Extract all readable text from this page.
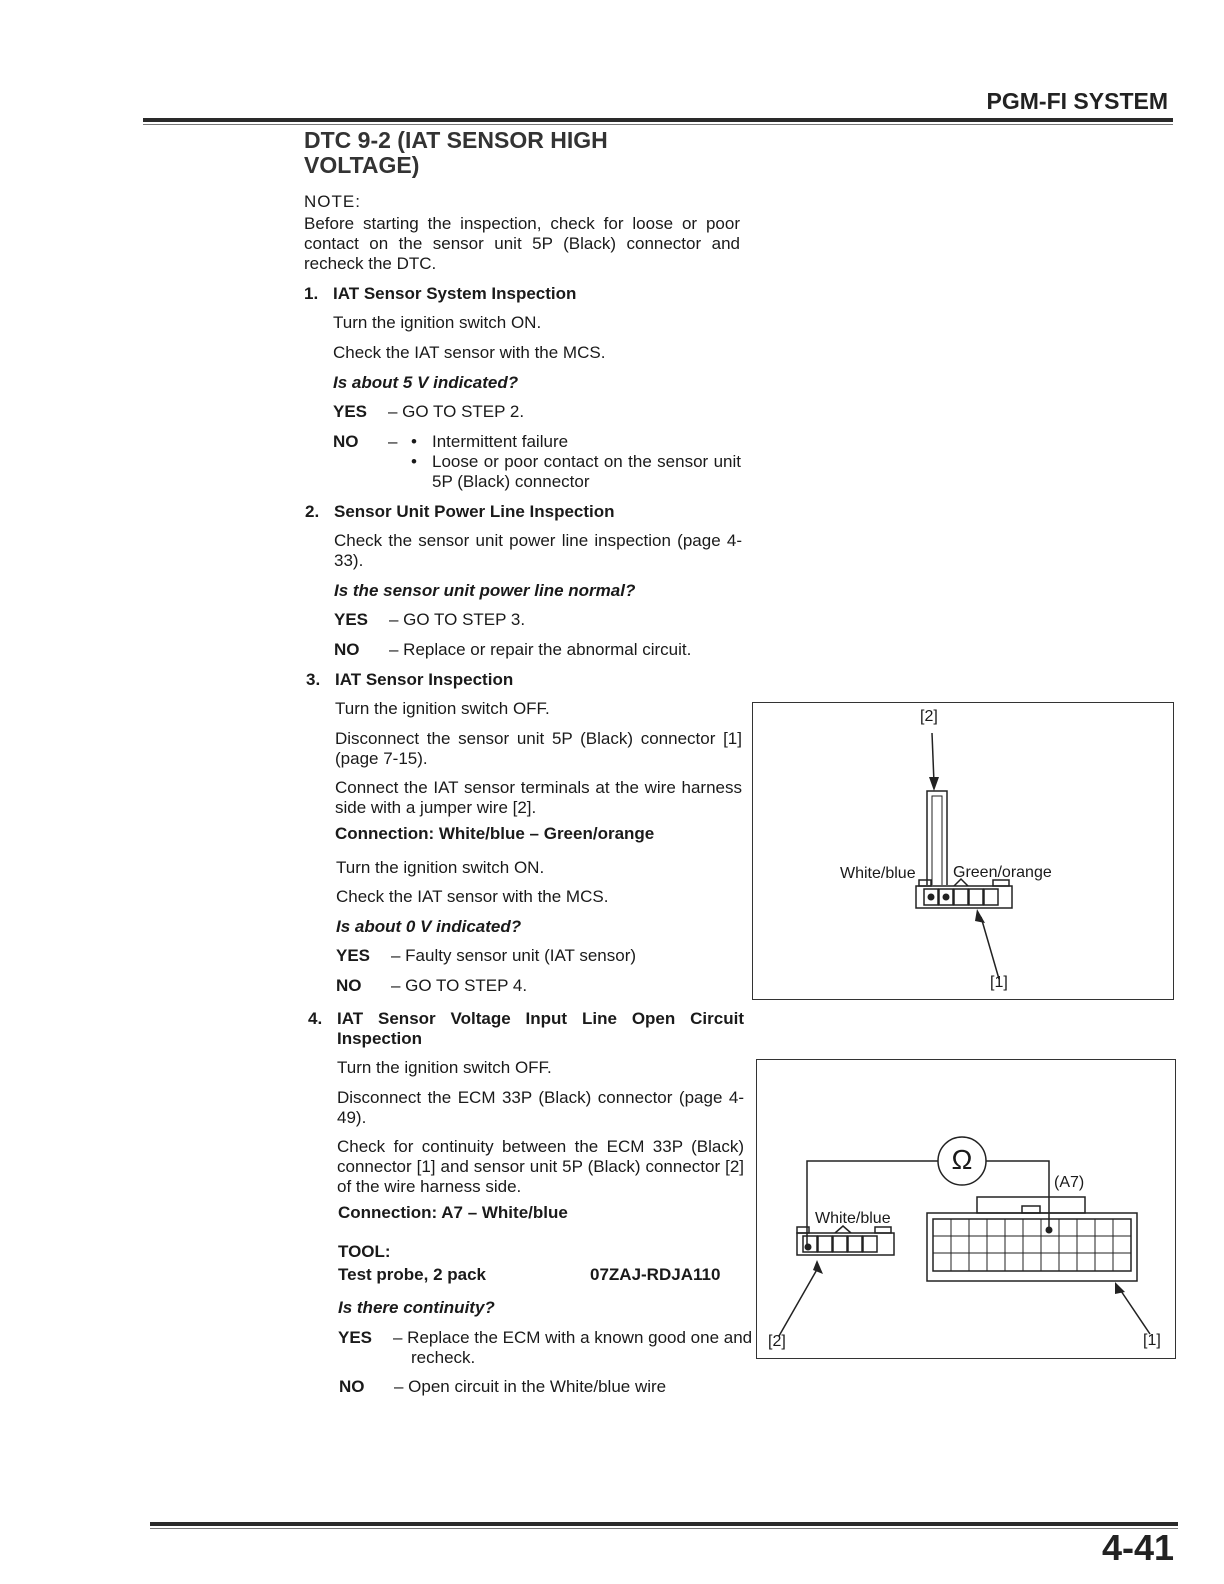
PGM-FI SYSTEM
DTC 9-2 (IAT SENSOR HIGH VOLTAGE)
NOTE:
Before starting the inspection, check for loose or poor contact on the sensor unit 5P (Black) connector and recheck the DTC.
1. IAT Sensor System Inspection
Turn the ignition switch ON.
Check the IAT sensor with the MCS.
Is about 5 V indicated?
YES – GO TO STEP 2.
NO – • Intermittent failure
• Loose or poor contact on the sensor unit 5P (Black) connector
2. Sensor Unit Power Line Inspection
Check the sensor unit power line inspection (page 4-33).
Is the sensor unit power line normal?
YES – GO TO STEP 3.
NO – Replace or repair the abnormal circuit.
3. IAT Sensor Inspection
Turn the ignition switch OFF.
Disconnect the sensor unit 5P (Black) connector [1] (page 7-15).
Connect the IAT sensor terminals at the wire harness side with a jumper wire [2].
Connection: White/blue – Green/orange
Turn the ignition switch ON.
Check the IAT sensor with the MCS.
Is about 0 V indicated?
YES – Faulty sensor unit (IAT sensor)
NO – GO TO STEP 4.
4. IAT Sensor Voltage Input Line Open Circuit Inspection
Turn the ignition switch OFF.
Disconnect the ECM 33P (Black) connector (page 4-49).
Check for continuity between the ECM 33P (Black) connector [1] and sensor unit 5P (Black) connector [2] of the wire harness side.
Connection: A7 – White/blue
TOOL:
Test probe, 2 pack	07ZAJ-RDJA110
Is there continuity?
YES – Replace the ECM with a known good one and recheck.
NO – Open circuit in the White/blue wire
[2]
White/blue Green/orange
[1]
Ω
(A7)
White/blue
[2]	[1]
4-41
